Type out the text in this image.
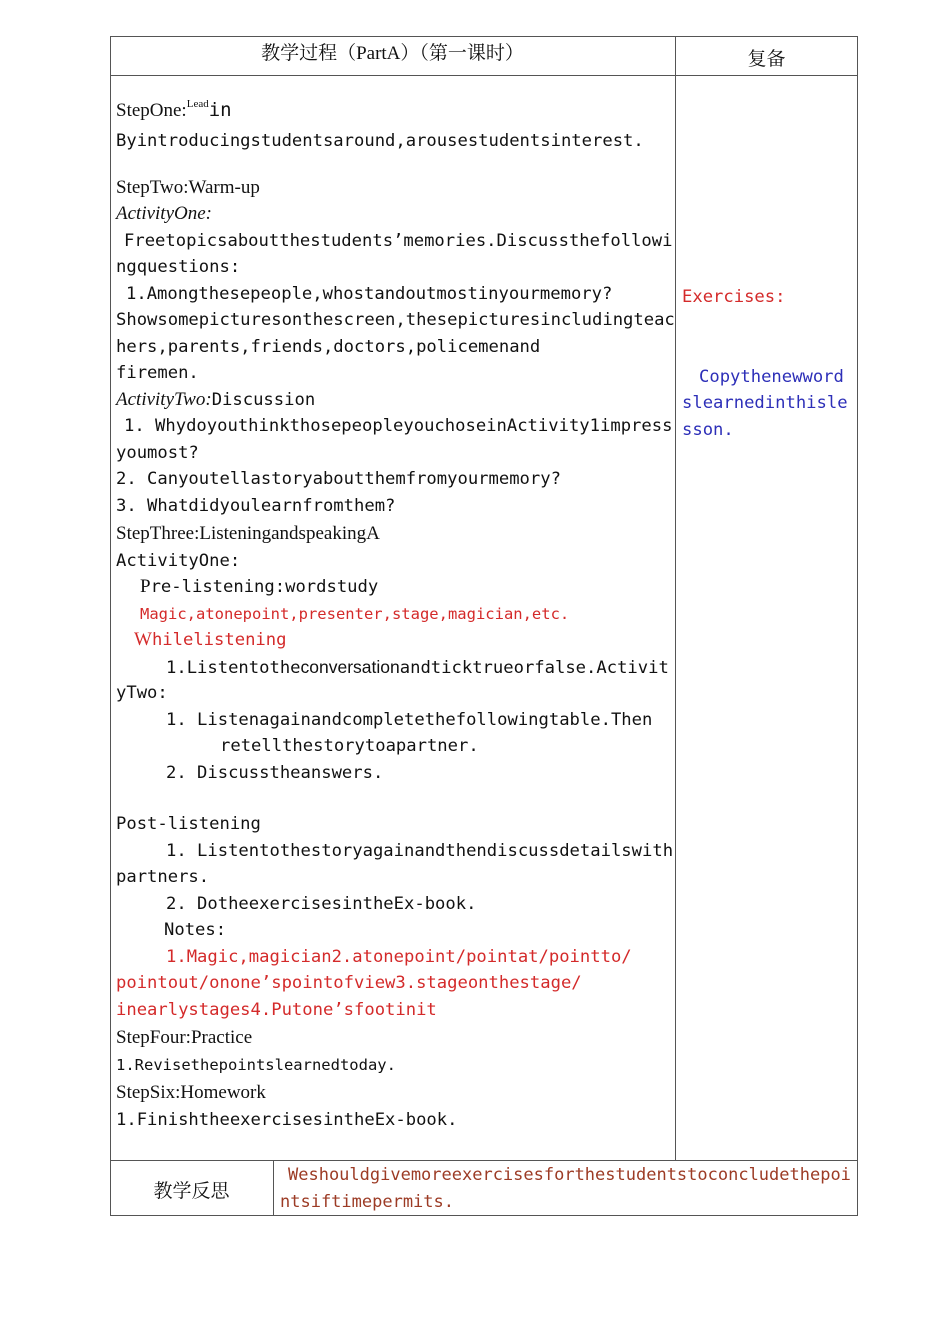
教学过程（PartA）（第一课时）	复备
StepOne:$^{Lead}$in
Byintroducingstudentsaround,arousestudentsinterest.
StepTwo:Warm-up
ActivityOne:
Freetopicsaboutthestudents’memories.Discussthefollowi
ngquestions:
1.Amongthesepeople,whostandoutmostinyourmemory?
Showsomepicturesonthescreen,thesepicturesincludingteac
hers,parents,friends,doctors,policemenand
firemen.
ActivityTwo:Discussion
1. WhydoyouthinkthosepeopleyouchoseinActivity1impress
youmost?
2. Canyoutellastoryaboutthemfromyourmemory?
3. Whatdidyoulearnfromthem?
StepThree:ListeningandspeakingA
ActivityOne:
Pre-listening:wordstudy
Magic,atonepoint,presenter,stage,magician,etc.
Whilelistening
1.Listentotheconversationandticktrueorfalse.Activit
yTwo:
1. Listenagainandcompletethefollowingtable.Then
retellthestorytoapartner.
2. Discusstheanswers.
Post-listening
1. Listentothestoryagainandthendiscussdetailswith
partners.
2. DotheexercisesintheEx-book.
Notes:
1.Magic,magician2.atonepoint/pointat/pointto/
pointout/onone’spointofview3.stageonthestage/
inearlystages4.Putone’sfootinit
StepFour:Practice
1.Revisethepointslearnedtoday.
StepSix:Homework
1.FinishtheexercisesintheEx-book.
Exercises:
Copythenewword
slearnedinthisle
sson.
教学反思
Weshouldgivemoreexercisesforthestudentstoconcludethepoi
ntsiftimepermits.
